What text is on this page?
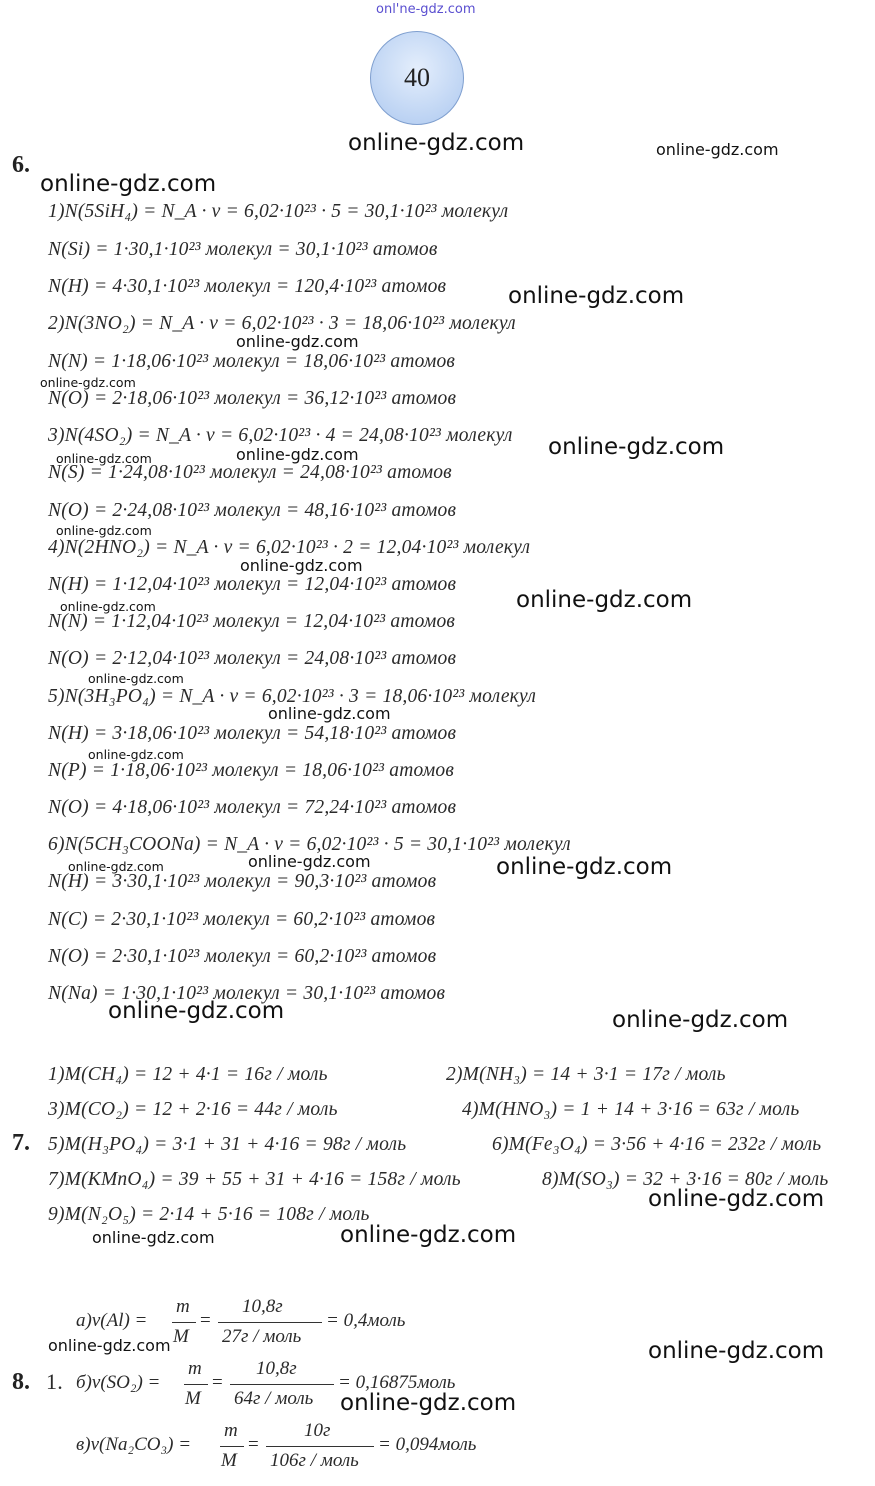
onl'ne-gdz.com
40
6.
1)N(5SiH₄) = N_A · ν = 6,02·10²³ · 5 = 30,1·10²³ молекул
N(Si) = 1·30,1·10²³ молекул = 30,1·10²³ атомов
N(H) = 4·30,1·10²³ молекул = 120,4·10²³ атомов
2)N(3NO₂) = N_A · ν = 6,02·10²³ · 3 = 18,06·10²³ молекул
N(N) = 1·18,06·10²³ молекул = 18,06·10²³ атомов
N(O) = 2·18,06·10²³ молекул = 36,12·10²³ атомов
3)N(4SO₂) = N_A · ν = 6,02·10²³ · 4 = 24,08·10²³ молекул
N(S) = 1·24,08·10²³ молекул = 24,08·10²³ атомов
N(O) = 2·24,08·10²³ молекул = 48,16·10²³ атомов
4)N(2HNO₂) = N_A · ν = 6,02·10²³ · 2 = 12,04·10²³ молекул
N(H) = 1·12,04·10²³ молекул = 12,04·10²³ атомов
N(N) = 1·12,04·10²³ молекул = 12,04·10²³ атомов
N(O) = 2·12,04·10²³ молекул = 24,08·10²³ атомов
5)N(3H₃PO₄) = N_A · ν = 6,02·10²³ · 3 = 18,06·10²³ молекул
N(H) = 3·18,06·10²³ молекул = 54,18·10²³ атомов
N(P) = 1·18,06·10²³ молекул = 18,06·10²³ атомов
N(O) = 4·18,06·10²³ молекул = 72,24·10²³ атомов
6)N(5CH₃COONa) = N_A · ν = 6,02·10²³ · 5 = 30,1·10²³ молекул
N(H) = 3·30,1·10²³ молекул = 90,3·10²³ атомов
N(C) = 2·30,1·10²³ молекул = 60,2·10²³ атомов
N(O) = 2·30,1·10²³ молекул = 60,2·10²³ атомов
N(Na) = 1·30,1·10²³ молекул = 30,1·10²³ атомов
7.
1)M(CH₄) = 12 + 4·1 = 16г / моль	2)M(NH₃) = 14 + 3·1 = 17г / моль
3)M(CO₂) = 12 + 2·16 = 44г / моль	4)M(HNO₃) = 1 + 14 + 3·16 = 63г / моль
5)M(H₃PO₄) = 3·1 + 31 + 4·16 = 98г / моль	6)M(Fe₃O₄) = 3·56 + 4·16 = 232г / моль
7)M(KMnO₄) = 39 + 55 + 31 + 4·16 = 158г / моль	8)M(SO₃) = 32 + 3·16 = 80г / моль
9)M(N₂O₅) = 2·14 + 5·16 = 108г / моль
8. 1.
а)ν(Al) =
m
M
=
10,8г
27г / моль
= 0,4моль
б)ν(SO₂) =
m
M
=
10,8г
64г / моль
= 0,16875моль
в)ν(Na₂CO₃) =
m
M
=
10г
106г / моль
= 0,094моль
online-gdz.com	online-gdz.com
online-gdz.com
online-gdz.com
online-gdz.com
online-gdz.com
online-gdz.com
online-gdz.com
online-gdz.com
online-gdz.com
online-gdz.com
online-gdz.com
online-gdz.com
online-gdz.com
online-gdz.com
online-gdz.com
online-gdz.com	online-gdz.com
online-gdz.com
online-gdz.com	online-gdz.com
online-gdz.com
online-gdz.com	online-gdz.com
online-gdz.com	online-gdz.com
online-gdz.com
